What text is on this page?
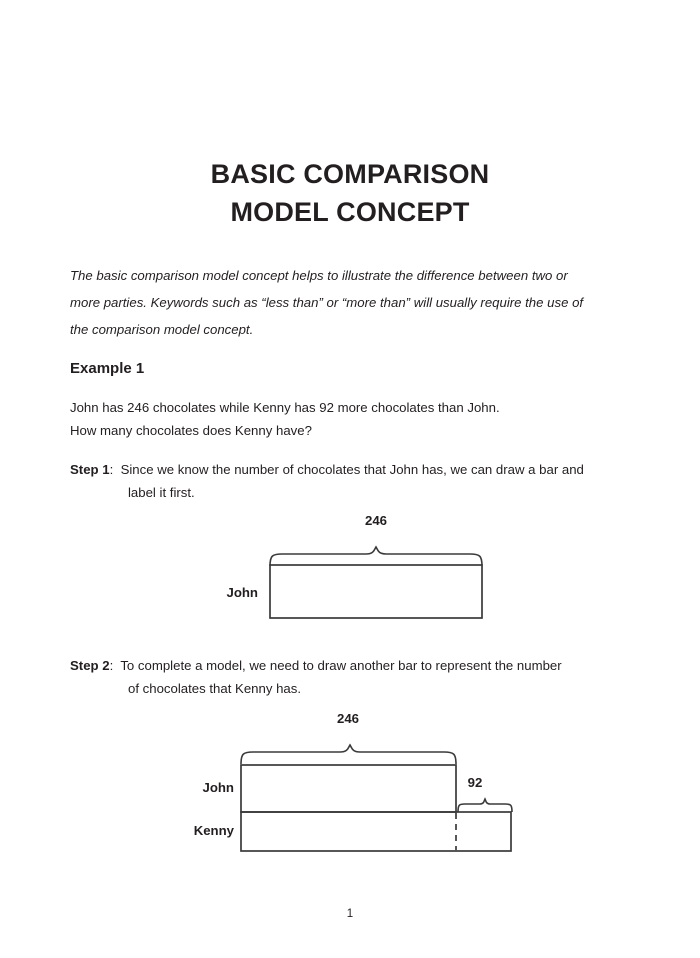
BASIC COMPARISON
MODEL CONCEPT
The basic comparison model concept helps to illustrate the difference between two or
more parties. Keywords such as “less than” or “more than” will usually require the use of
the comparison model concept.
Example 1
John has 246 chocolates while Kenny has 92 more chocolates than John.
How many chocolates does Kenny have?
Step 1: Since we know the number of chocolates that John has, we can draw a bar and
label it first.
246
John
Step 2: To complete a model, we need to draw another bar to represent the number
of chocolates that Kenny has.
246
92
John
Kenny
1
